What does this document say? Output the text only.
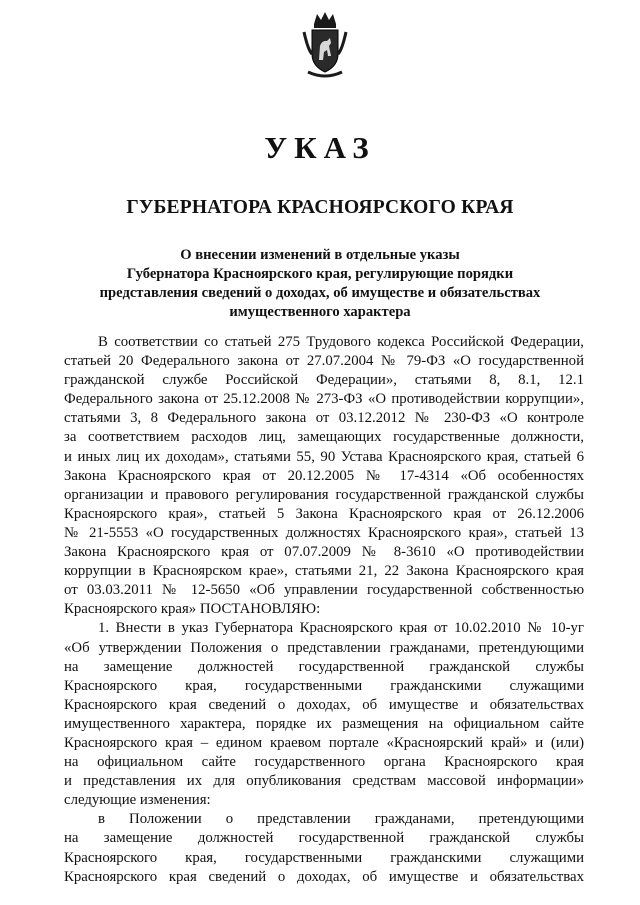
УКАЗ
ГУБЕРНАТОРА КРАСНОЯРСКОГО КРАЯ
О внесении изменений в отдельные указы
Губернатора Красноярского края, регулирующие порядки
представления сведений о доходах, об имуществе и обязательствах
имущественного характера
В соответствии со статьей 275 Трудового кодекса Российской Федерации,
статьей 20 Федерального закона от 27.07.2004 № 79-ФЗ «О государственной
гражданской службе Российской Федерации», статьями 8, 8.1, 12.1
Федерального закона от 25.12.2008 № 273-ФЗ «О противодействии коррупции»,
статьями 3, 8 Федерального закона от 03.12.2012 № 230-ФЗ «О контроле
за соответствием расходов лиц, замещающих государственные должности,
и иных лиц их доходам», статьями 55, 90 Устава Красноярского края, статьей 6
Закона Красноярского края от 20.12.2005 № 17-4314 «Об особенностях
организации и правового регулирования государственной гражданской службы
Красноярского края», статьей 5 Закона Красноярского края от 26.12.2006
№ 21-5553 «О государственных должностях Красноярского края», статьей 13
Закона Красноярского края от 07.07.2009 № 8-3610 «О противодействии
коррупции в Красноярском крае», статьями 21, 22 Закона Красноярского края
от 03.03.2011 № 12-5650 «Об управлении государственной собственностью
Красноярского края» ПОСТАНОВЛЯЮ:
1. Внести в указ Губернатора Красноярского края от 10.02.2010 № 10-уг
«Об утверждении Положения о представлении гражданами, претендующими
на замещение должностей государственной гражданской службы
Красноярского края, государственными гражданскими служащими
Красноярского края сведений о доходах, об имуществе и обязательствах
имущественного характера, порядке их размещения на официальном сайте
Красноярского края – едином краевом портале «Красноярский край» и (или)
на официальном сайте государственного органа Красноярского края
и представления их для опубликования средствам массовой информации»
следующие изменения:
в Положении о представлении гражданами, претендующими
на замещение должностей государственной гражданской службы
Красноярского края, государственными гражданскими служащими
Красноярского края сведений о доходах, об имуществе и обязательствах
